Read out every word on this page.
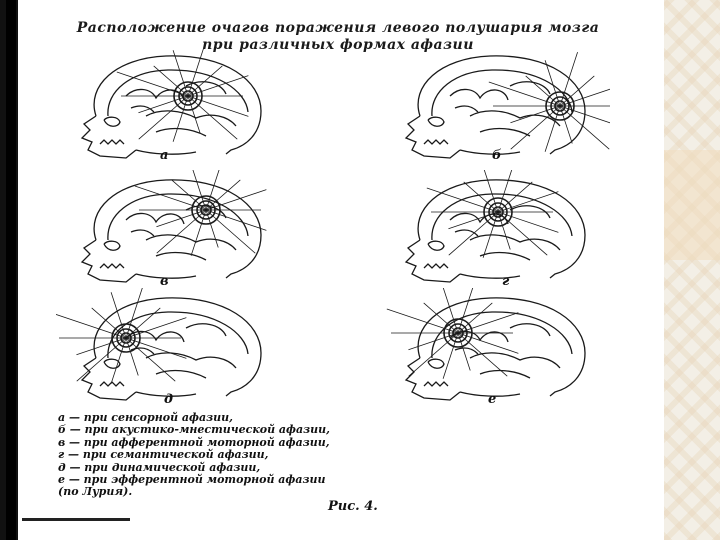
Расположение очагов поражения левого полушария мозга
при различных формах афазии
а	б
в	г
д	е
а — при сенсорной афазии,
б — при акустико-мнестической афазии,
в — при афферентной моторной афазии,
г — при семантической афазии,
д — при динамической афазии,
е — при эфферентной моторной афазии
(по Лурия).
Рис. 4.
